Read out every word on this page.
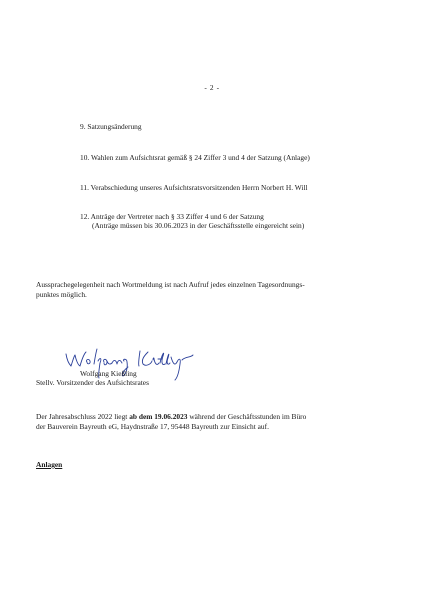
- 2 -
9. Satzungsänderung
10. Wahlen zum Aufsichtsrat gemäß § 24 Ziffer 3 und 4 der Satzung (Anlage)
11. Verabschiedung unseres Aufsichtsratsvorsitzenden Herrn Norbert H. Will
12. Anträge der Vertreter nach § 33 Ziffer 4 und 6 der Satzung
(Anträge müssen bis 30.06.2023 in der Geschäftsstelle eingereicht sein)
Aussprachegelegenheit nach Wortmeldung ist nach Aufruf jedes einzelnen Tagesordnungs-
punktes möglich.
Wolfgang Kießling
Stellv. Vorsitzender des Aufsichtsrates
Der Jahresabschluss 2022 liegt ab dem 19.06.2023 während der Geschäftsstunden im Büro
der Bauverein Bayreuth eG, Haydnstraße 17, 95448 Bayreuth zur Einsicht auf.
Anlagen
